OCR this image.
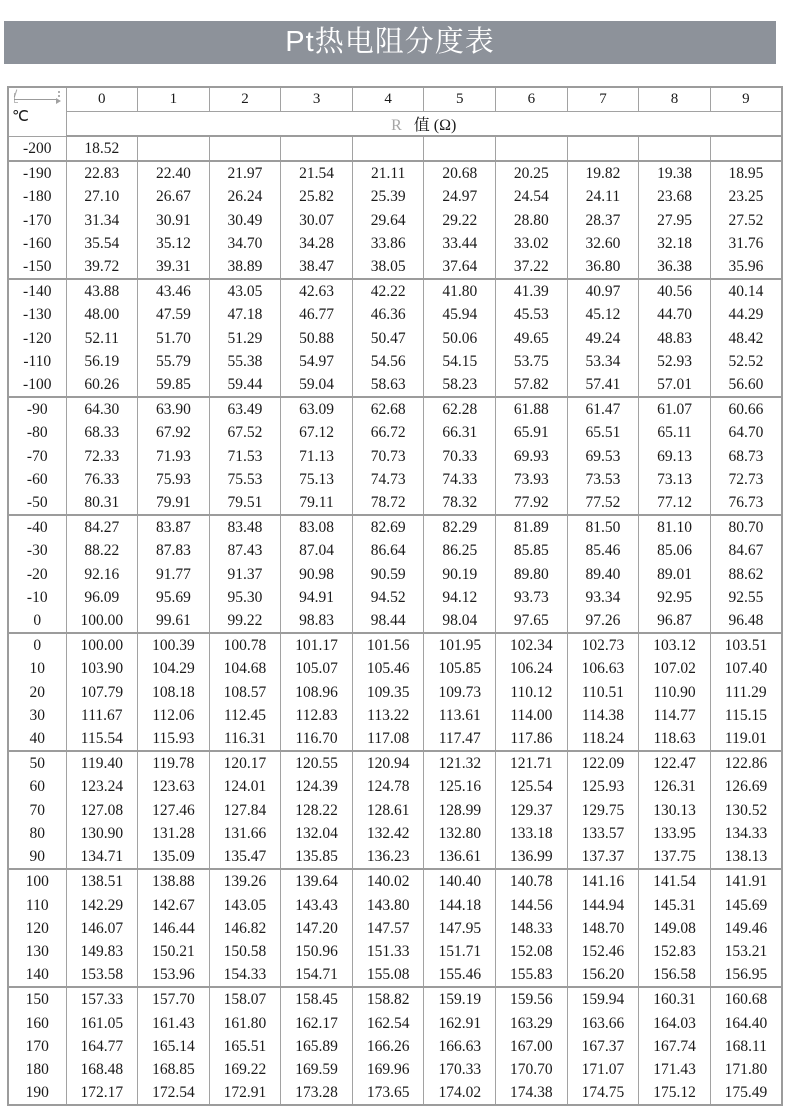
Pt热电阻分度表
℃	0	1	2	3	4	5	6	7	8	9
	R 值 (Ω)									
-200	18.52									
-190	22.83	22.40	21.97	21.54	21.11	20.68	20.25	19.82	19.38	18.95
-180	27.10	26.67	26.24	25.82	25.39	24.97	24.54	24.11	23.68	23.25
-170	31.34	30.91	30.49	30.07	29.64	29.22	28.80	28.37	27.95	27.52
-160	35.54	35.12	34.70	34.28	33.86	33.44	33.02	32.60	32.18	31.76
-150	39.72	39.31	38.89	38.47	38.05	37.64	37.22	36.80	36.38	35.96
-140	43.88	43.46	43.05	42.63	42.22	41.80	41.39	40.97	40.56	40.14
-130	48.00	47.59	47.18	46.77	46.36	45.94	45.53	45.12	44.70	44.29
-120	52.11	51.70	51.29	50.88	50.47	50.06	49.65	49.24	48.83	48.42
-110	56.19	55.79	55.38	54.97	54.56	54.15	53.75	53.34	52.93	52.52
-100	60.26	59.85	59.44	59.04	58.63	58.23	57.82	57.41	57.01	56.60
-90	64.30	63.90	63.49	63.09	62.68	62.28	61.88	61.47	61.07	60.66
-80	68.33	67.92	67.52	67.12	66.72	66.31	65.91	65.51	65.11	64.70
-70	72.33	71.93	71.53	71.13	70.73	70.33	69.93	69.53	69.13	68.73
-60	76.33	75.93	75.53	75.13	74.73	74.33	73.93	73.53	73.13	72.73
-50	80.31	79.91	79.51	79.11	78.72	78.32	77.92	77.52	77.12	76.73
-40	84.27	83.87	83.48	83.08	82.69	82.29	81.89	81.50	81.10	80.70
-30	88.22	87.83	87.43	87.04	86.64	86.25	85.85	85.46	85.06	84.67
-20	92.16	91.77	91.37	90.98	90.59	90.19	89.80	89.40	89.01	88.62
-10	96.09	95.69	95.30	94.91	94.52	94.12	93.73	93.34	92.95	92.55
0	100.00	99.61	99.22	98.83	98.44	98.04	97.65	97.26	96.87	96.48
0	100.00	100.39	100.78	101.17	101.56	101.95	102.34	102.73	103.12	103.51
10	103.90	104.29	104.68	105.07	105.46	105.85	106.24	106.63	107.02	107.40
20	107.79	108.18	108.57	108.96	109.35	109.73	110.12	110.51	110.90	111.29
30	111.67	112.06	112.45	112.83	113.22	113.61	114.00	114.38	114.77	115.15
40	115.54	115.93	116.31	116.70	117.08	117.47	117.86	118.24	118.63	119.01
50	119.40	119.78	120.17	120.55	120.94	121.32	121.71	122.09	122.47	122.86
60	123.24	123.63	124.01	124.39	124.78	125.16	125.54	125.93	126.31	126.69
70	127.08	127.46	127.84	128.22	128.61	128.99	129.37	129.75	130.13	130.52
80	130.90	131.28	131.66	132.04	132.42	132.80	133.18	133.57	133.95	134.33
90	134.71	135.09	135.47	135.85	136.23	136.61	136.99	137.37	137.75	138.13
100	138.51	138.88	139.26	139.64	140.02	140.40	140.78	141.16	141.54	141.91
110	142.29	142.67	143.05	143.43	143.80	144.18	144.56	144.94	145.31	145.69
120	146.07	146.44	146.82	147.20	147.57	147.95	148.33	148.70	149.08	149.46
130	149.83	150.21	150.58	150.96	151.33	151.71	152.08	152.46	152.83	153.21
140	153.58	153.96	154.33	154.71	155.08	155.46	155.83	156.20	156.58	156.95
150	157.33	157.70	158.07	158.45	158.82	159.19	159.56	159.94	160.31	160.68
160	161.05	161.43	161.80	162.17	162.54	162.91	163.29	163.66	164.03	164.40
170	164.77	165.14	165.51	165.89	166.26	166.63	167.00	167.37	167.74	168.11
180	168.48	168.85	169.22	169.59	169.96	170.33	170.70	171.07	171.43	171.80
190	172.17	172.54	172.91	173.28	173.65	174.02	174.38	174.75	175.12	175.49
